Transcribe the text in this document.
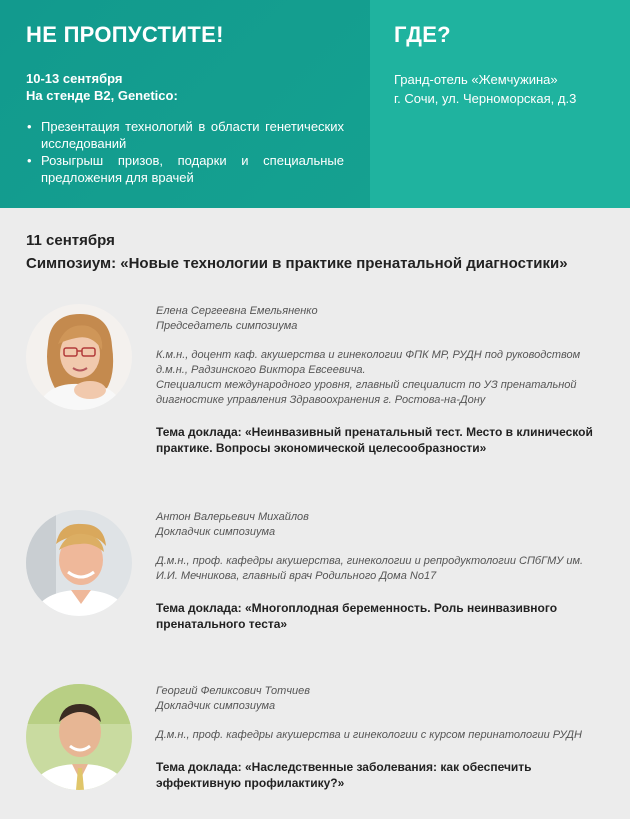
НЕ ПРОПУСТИТЕ!
10-13 сентября
На стенде B2, Genetico:
• Презентация технологий в области генетических исследований
• Розыгрыш призов, подарки и специальные предложения для врачей
ГДЕ?
Гранд-отель «Жемчужина»
г. Сочи, ул. Черноморская, д.3
11 сентября
Симпозиум: «Новые технологии в практике пренатальной диагностики»
Елена Сергеевна Емельяненко
Председатель симпозиума
К.м.н., доцент каф. акушерства и гинекологии ФПК МР, РУДН под руководством д.м.н., Радзинского Виктора Евсеевича.
Специалист международного уровня, главный специалист по УЗ пренатальной диагностике управления Здравоохранения г. Ростова-на-Дону
Тема доклада: «Неинвазивный пренатальный тест. Место в клинической практике. Вопросы экономической целесообразности»
Антон Валерьевич Михайлов
Докладчик симпозиума
Д.м.н., проф. кафедры акушерства, гинекологии и репродуктологии СПбГМУ им. И.И. Мечникова, главный врач Родильного Дома No17
Тема доклада: «Многоплодная беременность. Роль неинвазивного пренатального теста»
Георгий Феликсович Тотчиев
Докладчик симпозиума
Д.м.н., проф. кафедры акушерства и гинекологии с курсом перинатологии РУДН
Тема доклада: «Наследственные заболевания: как обеспечить эффективную профилактику?»
